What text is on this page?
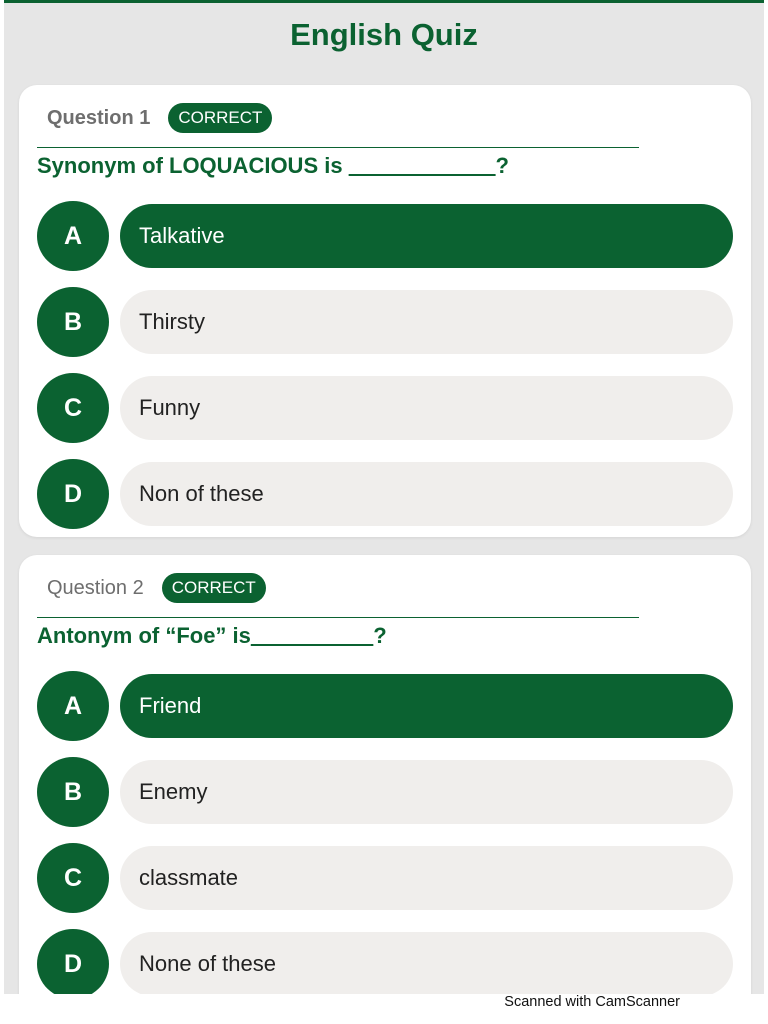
English Quiz
Question 1	CORRECT
Synonym of LOQUACIOUS is ____________?
A	Talkative
B	Thirsty
C	Funny
D	Non of these
Question 2	CORRECT
Antonym of “Foe” is__________?
A	Friend
B	Enemy
C	classmate
D	None of these
Scanned with CamScanner
